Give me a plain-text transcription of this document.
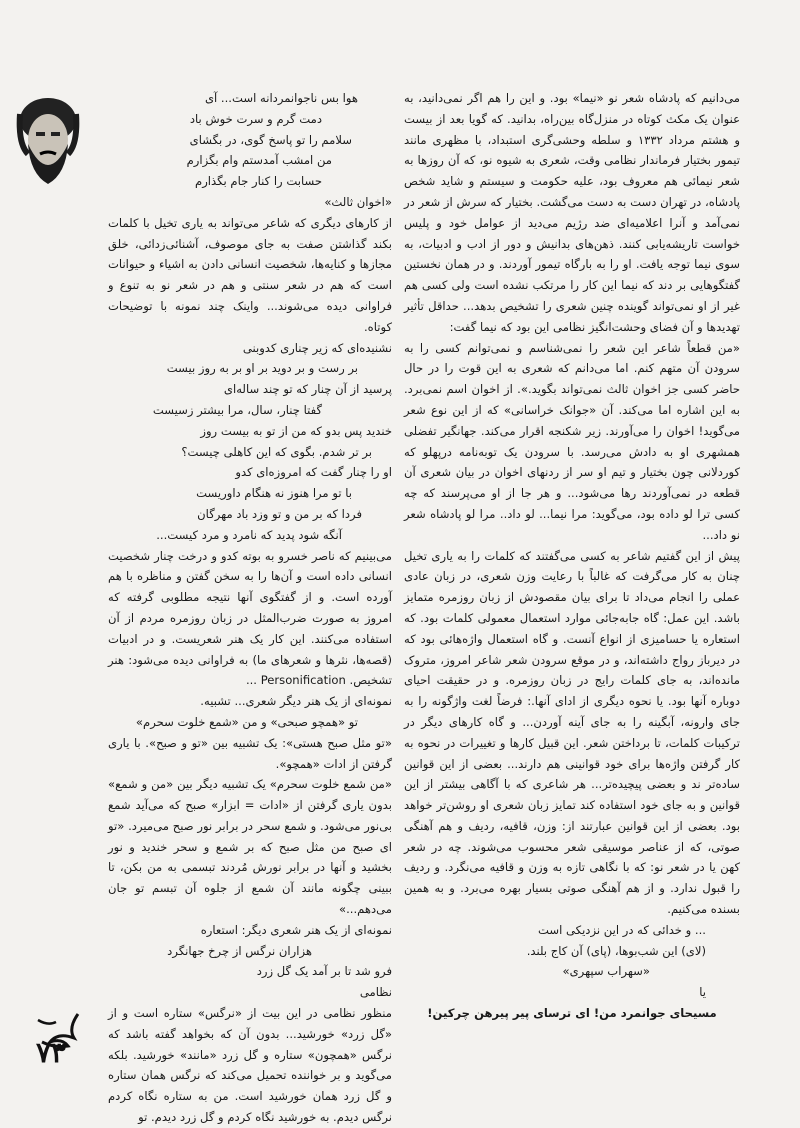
می‌دانیم که پادشاه شعر نو «نیما» بود. و این را هم اگر نمی‌دانید، به عنوان یک مکث کوتاه در منزل‌گاه بین‌راه، بدانید. که گویا بعد از بیست و هشتم مرداد ۱۳۳۲ و سلطه وحشی‌گری استبداد، با مظهری مانند تیمور بختیار فرماندار نظامی وقت، شعری به شیوه نو، که آن روزها به شعر نیمائی هم معروف بود، علیه حکومت و سیستم و شاید شخص پادشاه، در تهران دست به دست می‌گشت. بختیار که سرش از شعر در نمی‌آمد و آنرا اعلامیه‌ای ضد رژیم می‌دید از عوامل خود و پلیس خواست تاریشه‌یابی کنند. ذهن‌های بدانیش و دور از ادب و ادبیات، به سوی نیما توجه یافت. او را به بارگاه تیمور آوردند. و در همان نخستین گفتگوهایی بر دند که نیما این کار را مرتکب نشده است ولی کسی هم غیر از او نمی‌تواند گوینده چنین شعری را تشخیص بدهد... حداقل تأثیر تهدیدها و آن فضای وحشت‌انگیز نظامی این بود که نیما گفت:

«من قطعاً شاعر این شعر را نمی‌شناسم و نمی‌توانم کسی را به سرودن آن متهم کنم. اما می‌دانم که شعری به این قوت را در حال حاضر کسی جز اخوان ثالث نمی‌تواند بگوید.». از اخوان اسم نمی‌برد. به این اشاره اما می‌کند. آن «جوانک خراسانی» که از این نوع شعر می‌گوید! اخوان را می‌آورند. زیر شکنجه اقرار می‌کند. جهانگیر تفضلی همشهری او به دادش می‌رسد. با سرودن یک توبه‌نامه درپهلو که کوردلانی چون بختیار و تیم او سر از ردنهای اخوان در بیان شعری آن قطعه در نمی‌آوردند رها می‌شود... و هر جا از او می‌پرسند که چه کسی ترا لو داده بود، می‌گوید: مرا نیما... لو داد.. مرا لو پادشاه شعر نو داد...

پیش از این گفتیم شاعر به کسی می‌گفتند که کلمات را به یاری تخیل چنان به کار می‌گرفت که غالباً با رعایت وزن شعری، در زبان عادی عملی را انجام می‌داد تا برای بیان مقصودش از زبان روزمره متمایز باشد. این عمل: گاه جابه‌جائی موارد استعمال معمولی کلمات بود. که استعاره یا حسامیزی از انواع آنست. و گاه استعمال واژه‌هائی بود که در دیرباز رواج داشته‌اند، و در موقع سرودن شعر شاعر امروز، متروک مانده‌اند، به جای کلمات رایج در زبان روزمره. و در حقیقت احیای دوباره آنها بود. یا نحوه دیگری از ادای آنها.: فرضاً لغت واژگونه را به جای وارونه، آبگینه را به جای آینه آوردن... و گاه کارهای دیگر در ترکیبات کلمات، تا برداختن شعر. این قبیل کارها و تغییرات در نحوه به کار گرفتن واژه‌ها برای خود قوانینی هم دارند... بعضی از این قوانین ساده‌تر ند و بعضی پیچیده‌تر... هر شاعری که با آگاهی بیشتر از این قوانین و به جای خود استفاده کند تمایز زبان شعری او روشن‌تر خواهد بود. بعضی از این قوانین عبارتند از: وزن، قافیه، ردیف و هم آهنگی صوتی، که از عناصر موسیقی شعر محسوب می‌شوند. چه در شعر کهن یا در شعر نو: که با نگاهی تازه به وزن و قافیه می‌نگرد. و ردیف را قبول ندارد. و از هم آهنگی صوتی بسیار بهره می‌برد. و به همین بسنده می‌کنیم.

... و خدائی که در این نزدیکی است

(لای) این شب‌بوها، (پای) آن کاج بلند.

«سهراب سپهری»

یا

مسیحای جوانمرد من! ای ترسای پیر پیرهن چرکین!

هوا بس ناجوانمردانه است... آی

دمت گرم و سرت خوش باد

سلامم را تو پاسخ گوی، در بگشای

من امشب آمدستم وام بگزارم

حسابت را کنار جام بگذارم

«اخوان ثالث»

از کارهای دیگری که شاعر می‌تواند به یاری تخیل با کلمات بکند گذاشتن صفت به جای موصوف، آشنائی‌زدائی، خلق مجازها و کنایه‌ها، شخصیت انسانی دادن به اشیاء و حیوانات است که هم در شعر سنتی و هم در شعر نو به تنوع و فراوانی دیده می‌شوند... واینک چند نمونه با توضیحات کوتاه.

نشنیده‌ای که زیر چناری کدوبنی

بر رست و بر دوید بر او بر به روز بیست

پرسید از آن چنار که تو چند ساله‌ای

گفتا چنار، سال، مرا بیشتر زسیست

خندید پس بدو که من از تو به بیست روز

بر تر شدم. بگوی که این کاهلی چیست؟

او را چنار گفت که امروزه‌ای کدو

با تو مرا هنوز نه هنگام داوریست

فردا که بر من و تو وزد باد مهرگان

آنگه شود پدید که نامرد و مرد کیست...

می‌بینیم که ناصر خسرو به بوته کدو و درخت چنار شخصیت انسانی داده است و آن‌ها را به سخن گفتن و مناظره با هم آورده است. و از گفتگوی آنها نتیجه مطلوبی گرفته که امروز به صورت ضرب‌المثل در زبان روزمره مردم از آن استفاده می‌کنند. این کار یک هنر شعریست. و در ادبیات (قصه‌ها، نثرها و شعرهای ما) به فراوانی دیده می‌شود: هنر تشخیص. Personification ...

نمونه‌ای از یک هنر دیگر شعری... تشبیه.

تو «همچو صبحی» و من «شمع خلوت سحرم»

«تو مثل صبح هستی»: یک تشبیه بین «تو و صبح». با یاری گرفتن از ادات «همچو».

«من شمع خلوت سحرم» یک تشبیه دیگر بین «من و شمع» بدون یاری گرفتن از «ادات = ابزار» صبح که می‌آید شمع بی‌نور می‌شود. و شمع سحر در برابر نور صبح می‌میرد. «تو ای صبح من مثل صبح که بر شمع و سحر خندید و نور بخشید و آنها در برابر نورش مُردند تبسمی به من بکن، تا ببینی چگونه مانند آن شمع از جلوه آن تبسم تو جان می‌دهم...»

نمونه‌ای از یک هنر شعری دیگر: استعاره

هزاران نرگس از چرخ جهانگرد

فرو شد تا بر آمد یک گل زرد

نظامی

منظور نظامی در این بیت از «نرگس» ستاره است و از «گل زرد» خورشید... بدون آن که بخواهد گفته باشد که نرگس «همچون» ستاره و گل زرد «مانند» خورشید. بلکه می‌گوید و بر خواننده تحمیل می‌کند که نرگس همان ستاره و گل زرد همان خورشید است. من به ستاره نگاه کردم نرگس دیدم. به خورشید نگاه کردم و گل زرد دیدم. تو

۷۳
